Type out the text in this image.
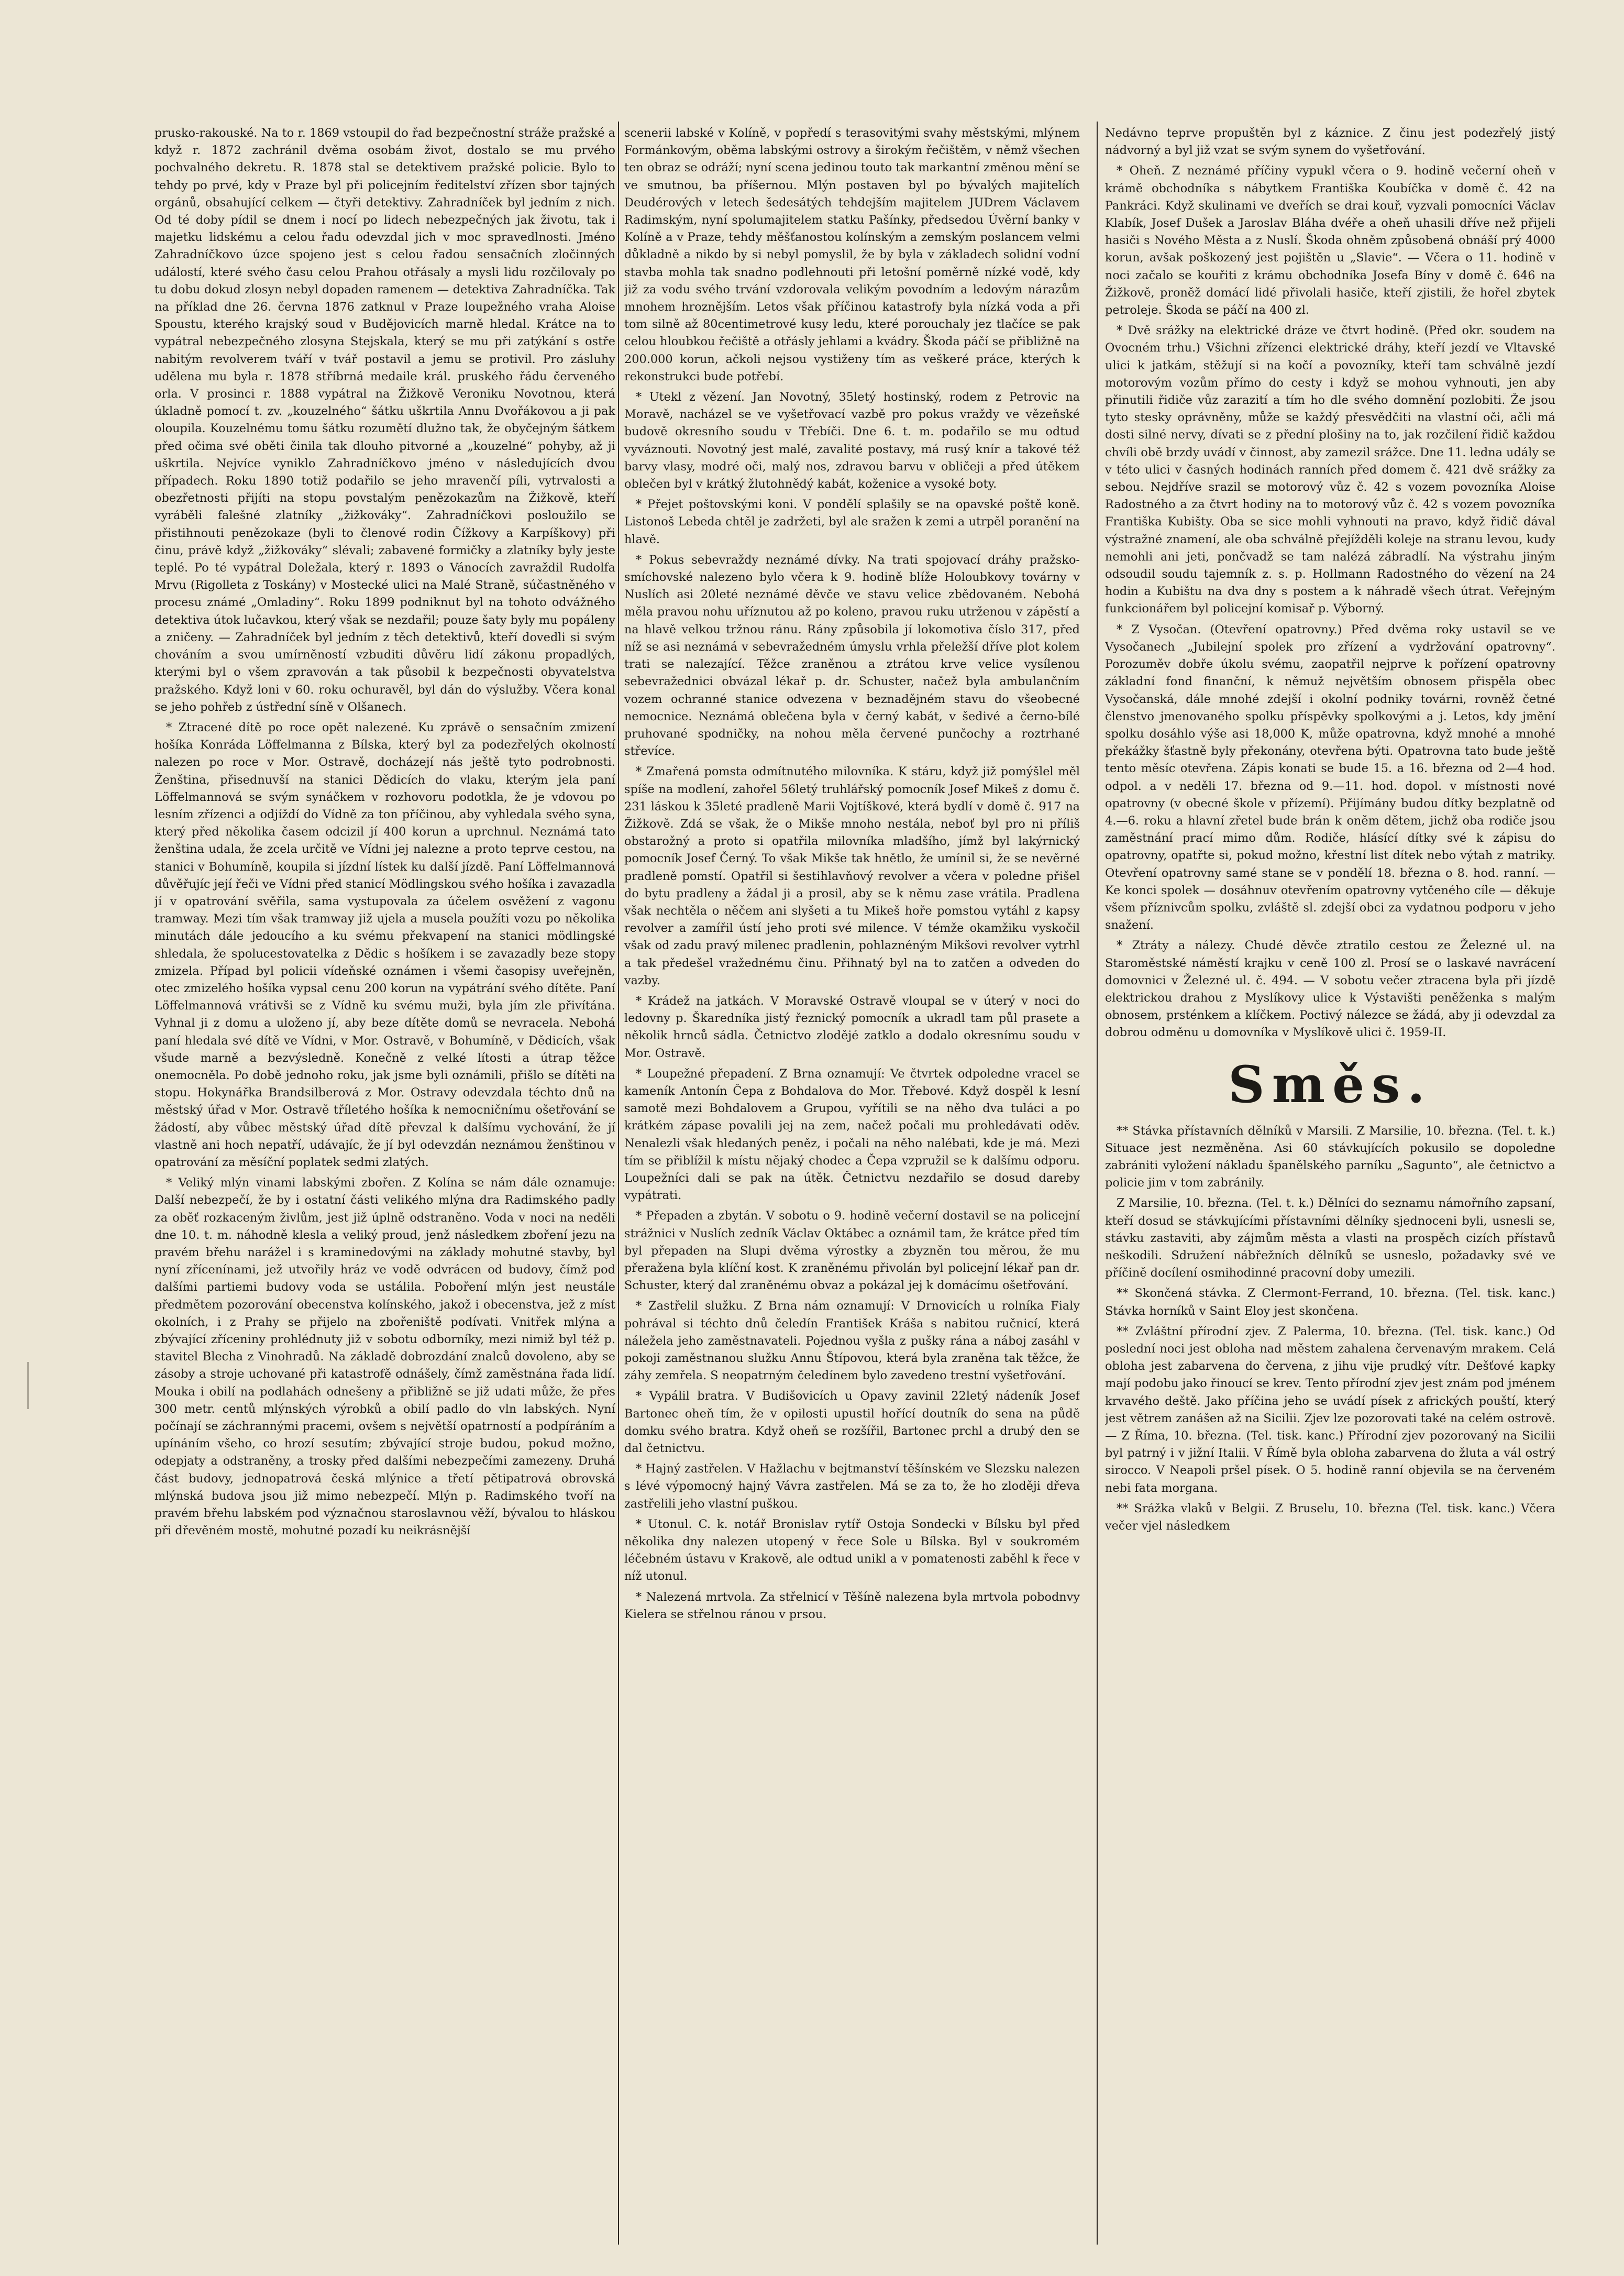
prusko-rakouské. Na to r. 1869 vstoupil do řad bezpečnostní stráže pražské a když r. 1872 zachránil dvěma osobám život, dostalo se mu prvého pochvalného dekretu. R. 1878 stal se detektivem pražské policie. Bylo to tehdy po prvé, kdy v Praze byl při policejním ředitelství zřízen sbor tajných orgánů, obsahující celkem — čtyři detektivy. Zahradníček byl jedním z nich. Od té doby pídil se dnem i nocí po lidech nebezpečných jak životu, tak i majetku lidskému a celou řadu odevzdal jich v moc spravedlnosti. Jméno Zahradníčkovo úzce spojeno jest s celou řadou sensačních zločinných událostí, které svého času celou Prahou otřásaly a mysli lidu rozčilovaly po tu dobu dokud zlosyn nebyl dopaden ramenem — detektiva Zahradníčka. Tak na příklad dne 26. června 1876 zatknul v Praze loupežného vraha Aloise Spoustu, kterého krajský soud v Budějovicích marně hledal. Krátce na to vypátral nebezpečného zlosyna Stejskala, který se mu při zatýkání s ostře nabitým revolverem tváří v tvář postavil a jemu se protivil. Pro zásluhy udělena mu byla r. 1878 stříbrná medaile král. pruského řádu červeného orla. V prosinci r. 1888 vypátral na Žižkově Veroniku Novotnou, která úkladně pomocí t. zv. „kouzelného“ šátku uškrtila Annu Dvořákovou a ji pak oloupila. Kouzelnému tomu šátku rozumětí dlužno tak, že obyčejným šátkem před očima své oběti činila tak dlouho pitvorné a „kouzelné“ pohyby, až ji uškrtila. Nejvíce vyniklo Zahradníčkovo jméno v následujících dvou případech. Roku 1890 totiž podařilo se jeho mravenčí píli, vytrvalosti a obezřetnosti přijíti na stopu povstalým penězokazům na Žižkově, kteří vyráběli falešné zlatníky „žižkováky“. Zahradníčkovi posloužilo se přistihnouti penězokaze (byli to členové rodin Čížkovy a Karpíškovy) při činu, právě když „žižkováky“ slévali; zabavené formičky a zlatníky byly jeste teplé. Po té vypátral Doležala, který r. 1893 o Vánocích zavraždil Rudolfa Mrvu (Rigolleta z Toskány) v Mostecké ulici na Malé Straně, súčastněného v procesu známé „Omladiny“. Roku 1899 podniknut byl na tohoto odvážného detektiva útok lučavkou, který však se nezdařil; pouze šaty byly mu popáleny a zničeny. — Zahradníček byl jedním z těch detektivů, kteří dovedli si svým chováním a svou umírněností vzbuditi důvěru lidí zákonu propadlých, kterými byl o všem zpravován a tak působil k bezpečnosti obyvatelstva pražského. Když loni v 60. roku ochuravěl, byl dán do výslužby. Včera konal se jeho pohřeb z ústřední síně v Olšanech.

* Ztracené dítě po roce opět nalezené. Ku zprávě o sensačním zmizení hošíka Konráda Löffelmanna z Bílska, který byl za podezřelých okolností nalezen po roce v Mor. Ostravě, docházejí nás ještě tyto podrobnosti. Ženština, přisednuvší na stanici Dědicích do vlaku, kterým jela paní Löffelmannová se svým synáčkem v rozhovoru podotkla, že je vdovou po lesním zřízenci a odjíždí do Vídně za ton příčinou, aby vyhledala svého syna, který před několika časem odcizil jí 400 korun a uprchnul. Neznámá tato ženština udala, že zcela určitě ve Vídni jej nalezne a proto teprve cestou, na stanici v Bohumíně, koupila si jízdní lístek ku další jízdě. Paní Löffelmannová důvěřujíc její řeči ve Vídni před stanicí Mödlingskou svého hošíka i zavazadla jí v opatrování svěřila, sama vystupovala za účelem osvěžení z vagonu tramway. Mezi tím však tramway již ujela a musela použíti vozu po několika minutách dále jedoucího a ku svému překvapení na stanici mödlingské shledala, že spolucestovatelka z Dědic s hošíkem i se zavazadly beze stopy zmizela. Případ byl policii vídeňské oznámen i všemi časopisy uveřejněn, otec zmizelého hošíka vypsal cenu 200 korun na vypátrání svého dítěte. Paní Löffelmannová vrátivši se z Vídně ku svému muži, byla jím zle přivítána. Vyhnal ji z domu a uloženo jí, aby beze dítěte domů se nevracela. Nebohá paní hledala své dítě ve Vídni, v Mor. Ostravě, v Bohumíně, v Dědicích, však všude marně a bezvýsledně. Konečně z velké lítosti a útrap těžce onemocněla. Po době jednoho roku, jak jsme byli oznámili, přišlo se dítěti na stopu. Hokynářka Brandsilberová z Mor. Ostravy odevzdala téchto dnů na městský úřad v Mor. Ostravě tříletého hošíka k nemocničnímu ošetřování se žádostí, aby vůbec městský úřad dítě převzal k dalšímu vychování, že jí vlastně ani hoch nepatří, udávajíc, že jí byl odevzdán neznámou ženštinou v opatrování za měsíční poplatek sedmi zlatých.

* Veliký mlýn vinami labskými zbořen. Z Kolína se nám dále oznamuje: Další nebezpečí, že by i ostatní části velikého mlýna dra Radimského padly za oběť rozkaceným živlům, jest již úplně odstraněno. Voda v noci na neděli dne 10. t. m. náhodně klesla a veliký proud, jenž následkem zboření jezu na pravém břehu narážel i s kraminedovými na základy mohutné stavby, byl nyní zřícenínami, jež utvořily hráz ve vodě odvrácen od budovy, čímž pod dalšími partiemi budovy voda se ustálila. Poboření mlýn jest neustále předmětem pozorování obecenstva kolínského, jakož i obecenstva, jež z míst okolních, i z Prahy se přijelo na zbořeniště podívati. Vnitřek mlýna a zbývající zříceniny prohlédnuty již v sobotu odborníky, mezi nimiž byl též p. stavitel Blecha z Vinohradů. Na základě dobrozdání znalců dovoleno, aby se zásoby a stroje uchované při katastrofě odnášely, čímž zaměstnána řada lidí. Mouka i obilí na podlahách odnešeny a přibližně se již udati může, že přes 300 metr. centů mlýnských výrobků a obilí padlo do vln labských. Nyní počínají se záchrannými pracemi, ovšem s největší opatrností a podpíráním a upínáním všeho, co hrozí sesutím; zbývající stroje budou, pokud možno, odepjaty a odstraněny, a trosky před dalšími nebezpečími zamezeny. Druhá část budovy, jednopatrová česká mlýnice a třetí pětipatrová obrovská mlýnská budova jsou již mimo nebezpečí. Mlýn p. Radimského tvoří na pravém břehu labském pod význačnou staroslavnou věží, bývalou to hláskou při dřevěném mostě, mohutné pozadí ku neikrásnější

scenerii labské v Kolíně, v popředí s terasovitými svahy městskými, mlýnem Formánkovým, oběma labskými ostrovy a širokým řečištěm, v němž všechen ten obraz se odráží; nyní scena jedinou touto tak markantní změnou mění se ve smutnou, ba příšernou. Mlýn postaven byl po bývalých majitelích Deudérových v letech šedesátých tehdejším majitelem JUDrem Václavem Radimským, nyní spolumajitelem statku Pašínky, předsedou Úvěrní banky v Kolíně a v Praze, tehdy měšťanostou kolínským a zemským poslancem velmi důkladně a nikdo by si nebyl pomyslil, že by byla v základech solidní vodní stavba mohla tak snadno podlehnouti při letošní poměrně nízké vodě, kdy již za vodu svého trvání vzdorovala velikým povodním a ledovým nárazům mnohem hroznějším. Letos však příčinou katastrofy byla nízká voda a při tom silně až 80centimetrové kusy ledu, které porouchaly jez tlačíce se pak celou hloubkou řečiště a otřásly jehlami a kvádry. Škoda páčí se přibližně na 200.000 korun, ačkoli nejsou vystiženy tím as veškeré práce, kterých k rekonstrukci bude potřebí.

* Utekl z vězení. Jan Novotný, 35letý hostinský, rodem z Petrovic na Moravě, nacházel se ve vyšetřovací vazbě pro pokus vraždy ve vězeňské budově okresního soudu v Třebíči. Dne 6. t. m. podařilo se mu odtud vyváznouti. Novotný jest malé, zavalité postavy, má rusý knír a takové též barvy vlasy, modré oči, malý nos, zdravou barvu v obličeji a před útěkem oblečen byl v krátký žlutohnědý kabát, koženice a vysoké boty.

* Přejet poštovskými koni. V pondělí splašily se na opavské poště koně. Listonoš Lebeda chtěl je zadržeti, byl ale sražen k zemi a utrpěl poranění na hlavě.

* Pokus sebevraždy neznámé dívky. Na trati spojovací dráhy pražsko-smíchovské nalezeno bylo včera k 9. hodině blíže Holoubkovy továrny v Nuslích asi 20leté neznámé děvče ve stavu velice zbědovaném. Nebohá měla pravou nohu uříznutou až po koleno, pravou ruku utrženou v zápěstí a na hlavě velkou tržnou ránu. Rány způsobila jí lokomotiva číslo 317, před níž se asi neznámá v sebevražedném úmyslu vrhla přeležší dříve plot kolem trati se nalezající. Těžce zraněnou a ztrátou krve velice vysílenou sebevražednici obvázal lékař p. dr. Schuster, načež byla ambulančním vozem ochranné stanice odvezena v beznadějném stavu do všeobecné nemocnice. Neznámá oblečena byla v černý kabát, v šedivé a černo-bílé pruhované spodničky, na nohou měla červené punčochy a roztrhané střevíce.

* Zmařená pomsta odmítnutého milovníka. K stáru, když již pomýšlel měl spíše na modlení, zahořel 56letý truhlářský pomocník Josef Mikeš z domu č. 231 láskou k 35leté pradleně Marii Vojtíškové, která bydlí v domě č. 917 na Žižkově. Zdá se však, že o Mikše mnoho nestála, neboť byl pro ni příliš obstarožný a proto si opatřila milovníka mladšího, jímž byl lakýrnický pomocník Josef Černý. To však Mikše tak hnětlo, že umínil si, že se nevěrné pradleně pomstí. Opatřil si šestihlavňový revolver a včera v poledne přišel do bytu pradleny a žádal ji a prosil, aby se k němu zase vrátila. Pradlena však nechtěla o něčem ani slyšeti a tu Mikeš hoře pomstou vytáhl z kapsy revolver a zamířil ústí jeho proti své milence. V témže okamžiku vyskočil však od zadu pravý milenec pradlenin, pohlaznéným Mikšovi revolver vytrhl a tak předešel vražednému činu. Přihnatý byl na to zatčen a odveden do vazby.

* Krádež na jatkách. V Moravské Ostravě vloupal se v úterý v noci do ledovny p. Škaredníka jistý řeznický pomocník a ukradl tam půl prasete a několik hrnců sádla. Četnictvo zlodějé zatklo a dodalo okresnímu soudu v Mor. Ostravě.

* Loupežné přepadení. Z Brna oznamují: Ve čtvrtek odpoledne vracel se kameník Antonín Čepa z Bohdalova do Mor. Třebové. Když dospěl k lesní samotě mezi Bohdalovem a Grupou, vyřítili se na něho dva tuláci a po krátkém zápase povalili jej na zem, načež počali mu prohledávati oděv. Nenalezli však hledaných peněz, i počali na něho nalébati, kde je má. Mezi tím se přiblížil k místu nějaký chodec a Čepa vzpružil se k dalšímu odporu. Loupežníci dali se pak na útěk. Četnictvu nezdařilo se dosud dareby vypátrati.

* Přepaden a zbytán. V sobotu o 9. hodině večerní dostavil se na policejní strážnici v Nuslích zedník Václav Oktábec a oznámil tam, že krátce před tím byl přepaden na Slupi dvěma výrostky a zbyzněn tou měrou, že mu přeražena byla klíční kost. K zraněnému přivolán byl policejní lékař pan dr. Schuster, který dal zraněnému obvaz a pokázal jej k domácímu ošetřování.

* Zastřelil služku. Z Brna nám oznamují: V Drnovicích u rolníka Fialy pohrával si téchto dnů čeledín František Kráša s nabitou ručnicí, která náležela jeho zaměstnavateli. Pojednou vyšla z pušky rána a náboj zasáhl v pokoji zaměstnanou služku Annu Štípovou, která byla zraněna tak těžce, že záhy zemřela. S neopatrným čeledínem bylo zavedeno trestní vyšetřování.

* Vypálil bratra. V Budišovicích u Opavy zavinil 22letý nádeník Josef Bartonec oheň tím, že v opilosti upustil hořící doutník do sena na půdě domku svého bratra. Když oheň se rozšířil, Bartonec prchl a drubý den se dal četnictvu.

* Hajný zastřelen. V Hažlachu v bejtmanství těšínském ve Slezsku nalezen s lévé výpomocný hajný Vávra zastřelen. Má se za to, že ho zloději dřeva zastřelili jeho vlastní puškou.

* Utonul. C. k. notář Bronislav rytíř Ostoja Sondecki v Bílsku byl před několika dny nalezen utopený v řece Sole u Bílska. Byl v soukromém léčebném ústavu v Krakově, ale odtud unikl a v pomatenosti zaběhl k řece v níž utonul.

* Nalezená mrtvola. Za střelnicí v Těšíně nalezena byla mrtvola pobodnvy Kielera se střelnou ránou v prsou.

Nedávno teprve propuštěn byl z káznice. Z činu jest podezřelý jistý nádvorný a byl již vzat se svým synem do vyšetřování.

* Oheň. Z neznámé příčiny vypukl včera o 9. hodině večerní oheň v krámě obchodníka s nábytkem Františka Koubíčka v domě č. 42 na Pankráci. Když skulinami ve dveřích se drai kouř, vyzvali pomocníci Václav Klabík, Josef Dušek a Jaroslav Bláha dvéře a oheň uhasili dříve než přijeli hasiči s Nového Města a z Nuslí. Škoda ohněm způsobená obnáší prý 4000 korun, avšak poškozený jest pojištěn u „Slavie“. — Včera o 11. hodině v noci začalo se kouřiti z krámu obchodníka Josefa Bíny v domě č. 646 na Žižkově, proněž domácí lidé přivolali hasiče, kteří zjistili, že hořel zbytek petroleje. Škoda se páčí na 400 zl.

* Dvě srážky na elektrické dráze ve čtvrt hodině. (Před okr. soudem na Ovocném trhu.) Všichni zřízenci elektrické dráhy, kteří jezdí ve Vltavské ulici k jatkám, stěžují si na kočí a povozníky, kteří tam schválně jezdí motorovým vozům přímo do cesty i když se mohou vyhnouti, jen aby přinutili řidiče vůz zarazití a tím ho dle svého domnění pozlobiti. Že jsou tyto stesky oprávněny, může se každý přesvědčiti na vlastní oči, ačli má dosti silné nervy, dívati se z přední plošiny na to, jak rozčilení řidič každou chvíli obě brzdy uvádí v činnost, aby zamezil srážce. Dne 11. ledna udály se v této ulici v časných hodinách ranních před domem č. 421 dvě srážky za sebou. Nejdříve srazil se motorový vůz č. 42 s vozem povozníka Aloise Radostného a za čtvrt hodiny na to motorový vůz č. 42 s vozem povozníka Františka Kubišty. Oba se sice mohli vyhnouti na pravo, když řidič dával výstražné znamení, ale oba schválně přejížděli koleje na stranu levou, kudy nemohli ani jeti, pončvadž se tam nalézá zábradlí. Na výstrahu jiným odsoudil soudu tajemník z. s. p. Hollmann Radostného do vězení na 24 hodin a Kubištu na dva dny s postem a k náhradě všech útrat. Veřejným funkcionářem byl policejní komisař p. Výborný.

* Z Vysočan. (Otevření opatrovny.) Před dvěma roky ustavil se ve Vysočanech „Jubilejní spolek pro zřízení a vydržování opatrovny“. Porozuměv dobře úkolu svému, zaopatřil nejprve k pořízení opatrovny základní fond finanční, k němuž největším obnosem přispěla obec Vysočanská, dále mnohé zdejší i okolní podniky továrni, rovněž četné členstvo jmenovaného spolku příspěvky spolkovými a j. Letos, kdy jmění spolku dosáhlo výše asi 18,000 K, může opatrovna, když mnohé a mnohé překážky šťastně byly překonány, otevřena býti. Opatrovna tato bude ještě tento měsíc otevřena. Zápis konati se bude 15. a 16. března od 2—4 hod. odpol. a v neděli 17. března od 9.—11. hod. dopol. v místnosti nové opatrovny (v obecné škole v přízemí). Přijímány budou dítky bezplatně od 4.—6. roku a hlavní zřetel bude brán k oněm dětem, jichž oba rodiče jsou zaměstnání prací mimo dům. Rodiče, hlásící dítky své k zápisu do opatrovny, opatřte si, pokud možno, křestní list dítek nebo výtah z matriky. Otevření opatrovny samé stane se v pondělí 18. března o 8. hod. ranní. — Ke konci spolek — dosáhnuv otevřením opatrovny vytčeného cíle — děkuje všem příznivcům spolku, zvláště sl. zdejší obci za vydatnou podporu v jeho snažení.

* Ztráty a nálezy. Chudé děvče ztratilo cestou ze Železné ul. na Staroměstské náměstí krajku v ceně 100 zl. Prosí se o laskavé navrácení domovnici v Železné ul. č. 494. — V sobotu večer ztracena byla při jízdě elektrickou drahou z Myslíkovy ulice k Výstavišti peněženka s malým obnosem, prsténkem a klíčkem. Poctivý nálezce se žádá, aby ji odevzdal za dobrou odměnu u domovníka v Myslíkově ulici č. 1959-II.

Směs.

** Stávka přístavních dělníků v Marsili. Z Marsilie, 10. března. (Tel. t. k.) Situace jest nezměněna. Asi 60 stávkujících pokusilo se dopoledne zabrániti vyložení nákladu španělského parníku „Sagunto“, ale četnictvo a policie jim v tom zabránily.

Z Marsilie, 10. března. (Tel. t. k.) Dělníci do seznamu námořního zapsaní, kteří dosud se stávkujícími přístavními dělníky sjednoceni byli, usnesli se, stávku zastaviti, aby zájmům města a vlasti na prospěch cizích přístavů neškodili. Sdružení nábřežních dělníků se usneslo, požadavky své ve příčině docílení osmihodinné pracovní doby umezili.

** Skončená stávka. Z Clermont-Ferrand, 10. března. (Tel. tisk. kanc.) Stávka horníků v Saint Eloy jest skončena.

** Zvláštní přírodní zjev. Z Palerma, 10. března. (Tel. tisk. kanc.) Od poslední noci jest obloha nad městem zahalena červenavým mrakem. Celá obloha jest zabarvena do červena, z jihu vije prudký vítr. Dešťové kapky mají podobu jako řinoucí se krev. Tento přírodní zjev jest znám pod jménem krvavého deště. Jako příčina jeho se uvádí písek z afrických pouští, který jest větrem zanášen až na Sicilii. Zjev lze pozorovati také na celém ostrově. — Z Říma, 10. března. (Tel. tisk. kanc.) Přírodní zjev pozorovaný na Sicilii byl patrný i v jižní Italii. V Římě byla obloha zabarvena do žluta a vál ostrý sirocco. V Neapoli pršel písek. O 5. hodině ranní objevila se na červeném nebi fata morgana.

** Srážka vlaků v Belgii. Z Bruselu, 10. března (Tel. tisk. kanc.) Včera večer vjel následkem
